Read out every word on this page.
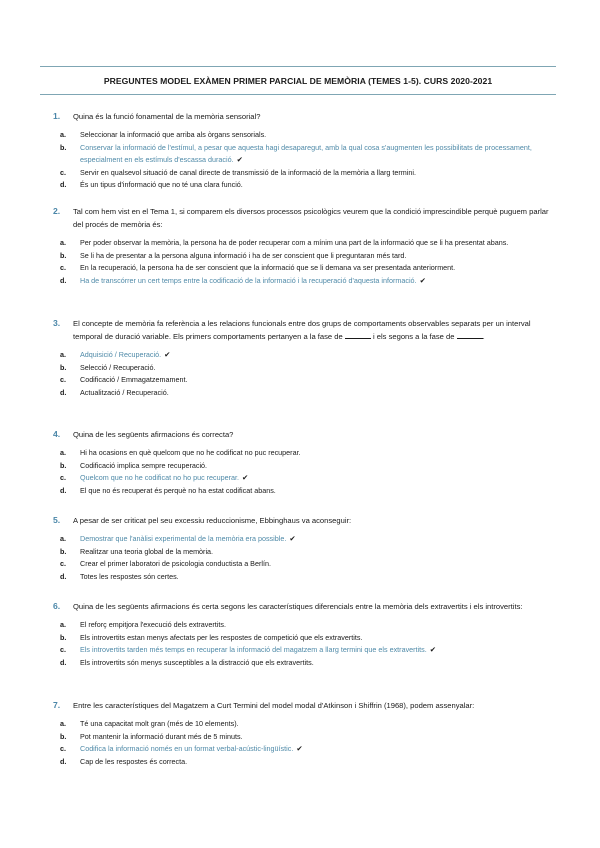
PREGUNTES MODEL EXÀMEN PRIMER PARCIAL DE MEMÒRIA (TEMES 1-5). CURS 2020-2021
1. Quina és la funció fonamental de la memòria sensorial?
a. Seleccionar la informació que arriba als òrgans sensorials.
b. Conservar la informació de l'estímul, a pesar que aquesta hagi desaparegut, amb la qual cosa s'augmenten les possibilitats de processament, especialment en els estímuls d'escassa duració. ✔
c. Servir en qualsevol situació de canal directe de transmissió de la informació de la memòria a llarg termini.
d. És un tipus d'informació que no té una clara funció.
2. Tal com hem vist en el Tema 1, si comparem els diversos processos psicològics veurem que la condició imprescindible perquè puguem parlar del procés de memòria és:
a. Per poder observar la memòria, la persona ha de poder recuperar com a mínim una part de la informació que se li ha presentat abans.
b. Se li ha de presentar a la persona alguna informació i ha de ser conscient que li preguntaran més tard.
c. En la recuperació, la persona ha de ser conscient que la informació que se li demana va ser presentada anteriorment.
d. Ha de transcórrer un cert temps entre la codificació de la informació i la recuperació d'aquesta informació. ✔
3. El concepte de memòria fa referència a les relacions funcionals entre dos grups de comportaments observables separats per un interval temporal de duració variable. Els primers comportaments pertanyen a la fase de	i els segons a la fase de	.
a. Adquisició / Recuperació. ✔
b. Selecció / Recuperació.
c. Codificació / Emmagatzemament.
d. Actualització / Recuperació.
4. Quina de les següents afirmacions és correcta?
a. Hi ha ocasions en què quelcom que no he codificat no puc recuperar.
b. Codificació implica sempre recuperació.
c. Quelcom que no he codificat no ho puc recuperar. ✔
d. El que no és recuperat és perquè no ha estat codificat abans.
5. A pesar de ser criticat pel seu excessiu reduccionisme, Ebbinghaus va aconseguir:
a. Demostrar que l'anàlisi experimental de la memòria era possible. ✔
b. Realitzar una teoria global de la memòria.
c. Crear el primer laboratori de psicologia conductista a Berlín.
d. Totes les respostes són certes.
6. Quina de les següents afirmacions és certa segons les característiques diferencials entre la memòria dels extravertits i els introvertits:
a. El reforç empitjora l'execució dels extravertits.
b. Els introvertits estan menys afectats per les respostes de competició que els extravertits.
c. Els introvertits tarden més temps en recuperar la informació del magatzem a llarg termini que els extravertits. ✔
d. Els introvertits són menys susceptibles a la distracció que els extravertits.
7. Entre les característiques del Magatzem a Curt Termini del model modal d'Atkinson i Shiffrin (1968), podem assenyalar:
a. Té una capacitat molt gran (més de 10 elements).
b. Pot mantenir la informació durant més de 5 minuts.
c. Codifica la informació només en un format verbal-acústic-lingüístic. ✔
d. Cap de les respostes és correcta.
